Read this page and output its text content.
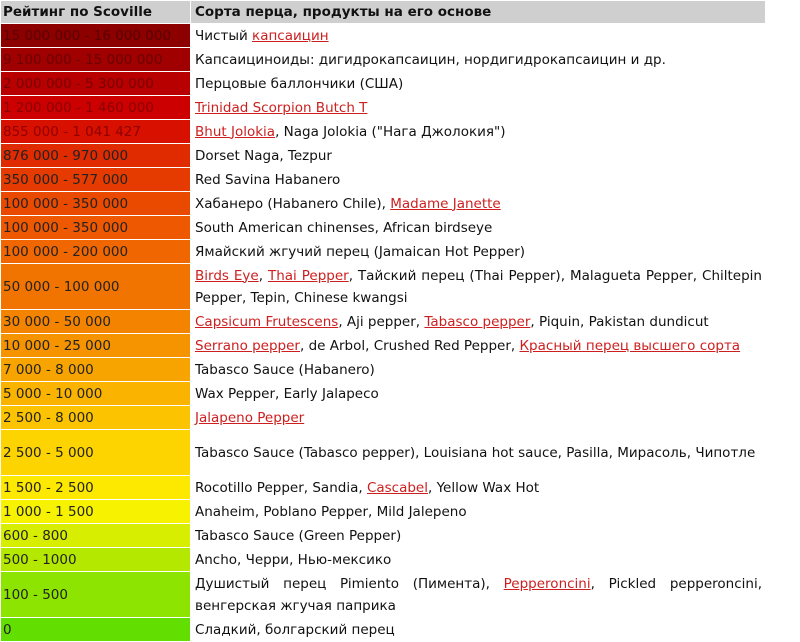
Рейтинг по Scoville	Сорта перца, продукты на его основе
15 000 000 - 16 000 000	Чистый капсаицин
9 100 000 - 15 000 000	Капсаициноиды: дигидрокапсаицин, нордигидрокапсаицин и др.
2 000 000 - 5 300 000	Перцовые баллончики (США)
1 200 000 - 1 460 000	Trinidad Scorpion Butch T
855 000 - 1 041 427	Bhut Jolokia, Naga Jolokia ("Нага Джолокия")
876 000 - 970 000	Dorset Naga, Tezpur
350 000 - 577 000	Red Savina Habanero
100 000 - 350 000	Хабанеро (Habanero Chile), Madame Janette
100 000 - 350 000	South American chinenses, African birdseye
100 000 - 200 000	Ямайский жгучий перец (Jamaican Hot Pepper)
50 000 - 100 000	Birds Eye, Thai Pepper, Тайский перец (Thai Pepper), Malagueta Pepper, Chiltepin Pepper, Tepin, Chinese kwangsi
30 000 - 50 000	Capsicum Frutescens, Aji pepper, Tabasco pepper, Piquin, Pakistan dundicut
10 000 - 25 000	Serrano pepper, de Arbol, Crushed Red Pepper, Красный перец высшего сорта
7 000 - 8 000	Tabasco Sauce (Habanero)
5 000 - 10 000	Wax Pepper, Early Jalapeco
2 500 - 8 000	Jalapeno Pepper
2 500 - 5 000	Tabasco Sauce (Tabasco pepper), Louisiana hot sauce, Pasilla, Мирасоль, Чипотле
1 500 - 2 500	Rocotillo Pepper, Sandia, Cascabel, Yellow Wax Hot
1 000 - 1 500	Anaheim, Poblano Pepper, Mild Jalepeno
600 - 800	Tabasco Sauce (Green Pepper)
500 - 1000	Ancho, Черри, Нью-мексико
100 - 500	Душистый перец Pimiento (Пимента), Pepperoncini, Pickled pepperoncini, венгерская жгучая паприка
0	Сладкий, болгарский перец
